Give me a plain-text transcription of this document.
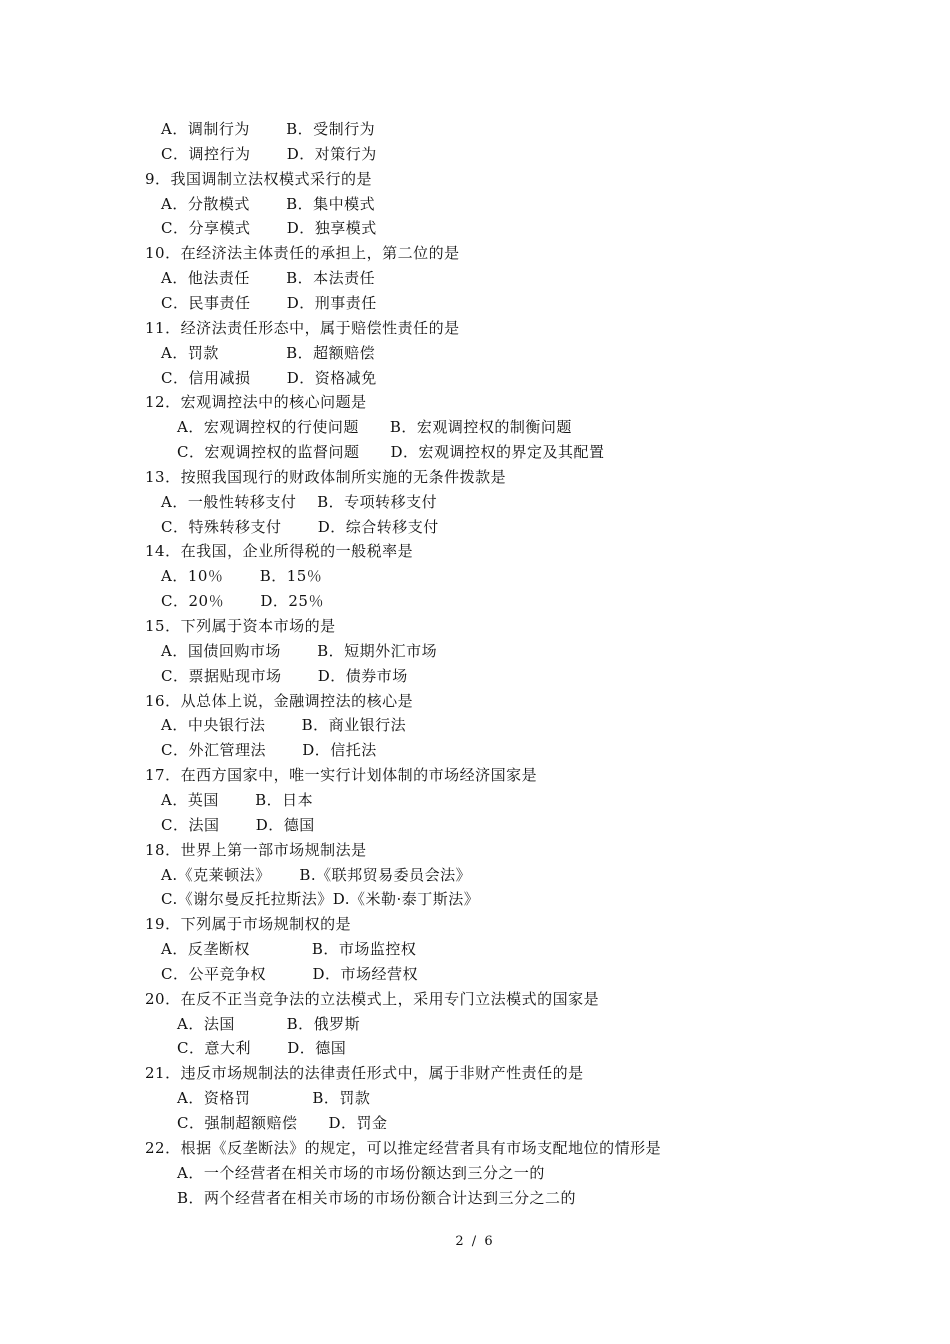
A．调制行为　　 B．受制行为
C．调控行为　　 D．对策行为
9．我国调制立法权模式采行的是
A．分散模式　　 B．集中模式
C．分享模式　　 D．独享模式
10．在经济法主体责任的承担上，第二位的是
A．他法责任　　 B．本法责任
C．民事责任　　 D．刑事责任
11．经济法责任形态中，属于赔偿性责任的是
A．罚款　　　　 B．超额赔偿
C．信用减损　　 D．资格减免
12．宏观调控法中的核心问题是
A．宏观调控权的行使问题　　B．宏观调控权的制衡问题
C．宏观调控权的监督问题　　D．宏观调控权的界定及其配置
13．按照我国现行的财政体制所实施的无条件拨款是
A．一般性转移支付　 B．专项转移支付
C．特殊转移支付　　 D．综合转移支付
14．在我国，企业所得税的一般税率是
A．10％　　 B．15％
C．20％　　 D．25％
15．下列属于资本市场的是
A．国债回购市场　　 B．短期外汇市场
C．票据贴现市场　　 D．债券市场
16．从总体上说，金融调控法的核心是
A．中央银行法　　 B．商业银行法
C．外汇管理法　　 D．信托法
17．在西方国家中，唯一实行计划体制的市场经济国家是
A．英国　　 B．日本
C．法国　　 D．德国
18．世界上第一部市场规制法是
A.《克莱顿法》　　 B.《联邦贸易委员会法》
C.《谢尔曼反托拉斯法》D.《米勒·泰丁斯法》
19．下列属于市场规制权的是
A．反垄断权　　　　B．市场监控权
C．公平竞争权　　　D．市场经营权
20．在反不正当竞争法的立法模式上，采用专门立法模式的国家是
A．法国　　　 B．俄罗斯
C．意大利　　 D．德国
21．违反市场规制法的法律责任形式中，属于非财产性责任的是
A．资格罚　　　　B．罚款
C．强制超额赔偿　　D．罚金
22．根据《反垄断法》的规定，可以推定经营者具有市场支配地位的情形是
A．一个经营者在相关市场的市场份额达到三分之一的
B．两个经营者在相关市场的市场份额合计达到三分之二的
2 / 6
